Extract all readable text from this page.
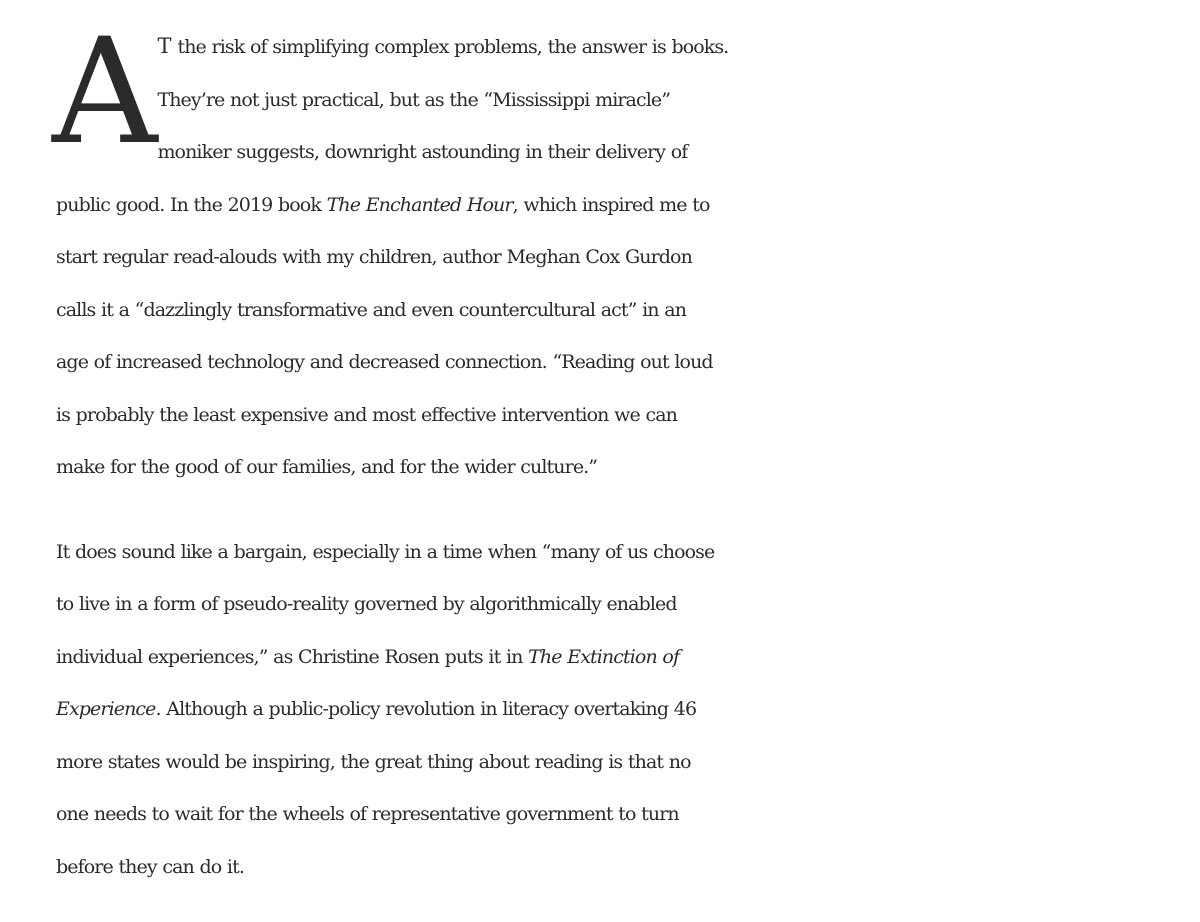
A T the risk of simplifying complex problems, the answer is books.
They’re not just practical, but as the “Mississippi miracle”
moniker suggests, downright astounding in their delivery of
public good. In the 2019 book The Enchanted Hour, which inspired me to
start regular read-alouds with my children, author Meghan Cox Gurdon
calls it a “dazzlingly transformative and even countercultural act” in an
age of increased technology and decreased connection. “Reading out loud
is probably the least expensive and most effective intervention we can
make for the good of our families, and for the wider culture.”

It does sound like a bargain, especially in a time when “many of us choose
to live in a form of pseudo-reality governed by algorithmically enabled
individual experiences,” as Christine Rosen puts it in The Extinction of
Experience. Although a public-policy revolution in literacy overtaking 46
more states would be inspiring, the great thing about reading is that no
one needs to wait for the wheels of representative government to turn
before they can do it.
